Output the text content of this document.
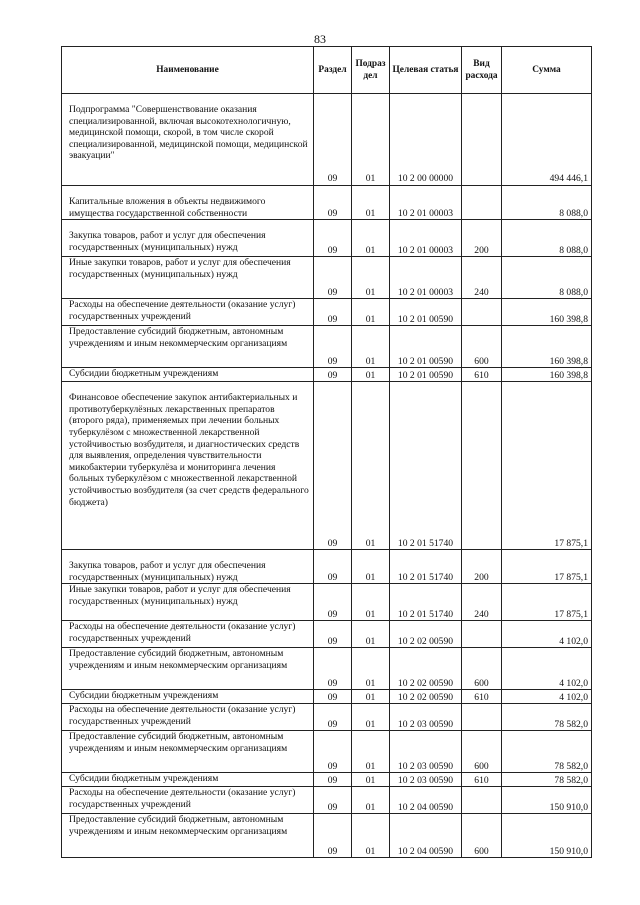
83
Наименование	Раздел	Подраз дел	Целевая статья	Вид расхода	Сумма

Подпрограмма "Совершенствование оказания специализированной, включая высокотехнологичную, медицинской помощи, скорой, в том числе скорой специализированной, медицинской помощи, медицинской эвакуации"	09	01	10 2 00 00000		494 446,1

Капитальные вложения в объекты недвижимого имущества государственной собственности	09	01	10 2 01 00003		8 088,0

Закупка товаров, работ и услуг для обеспечения государственных (муниципальных) нужд	09	01	10 2 01 00003	200	8 088,0

Иные закупки товаров, работ и услуг для обеспечения государственных (муниципальных) нужд	09	01	10 2 01 00003	240	8 088,0

Расходы на обеспечение деятельности (оказание услуг) государственных учреждений	09	01	10 2 01 00590		160 398,8

Предоставление субсидий бюджетным, автономным учреждениям и иным некоммерческим организациям	09	01	10 2 01 00590	600	160 398,8

Субсидии бюджетным учреждениям	09	01	10 2 01 00590	610	160 398,8

Финансовое обеспечение закупок антибактериальных и противотуберкулёзных лекарственных препаратов (второго ряда), применяемых при лечении больных туберкулёзом с множественной лекарственной устойчивостью возбудителя, и диагностических средств для выявления, определения чувствительности микобактерии туберкулёза и мониторинга лечения больных туберкулёзом с множественной лекарственной устойчивостью возбудителя (за счет средств федерального бюджета)	09	01	10 2 01 51740		17 875,1

Закупка товаров, работ и услуг для обеспечения государственных (муниципальных) нужд	09	01	10 2 01 51740	200	17 875,1

Иные закупки товаров, работ и услуг для обеспечения государственных (муниципальных) нужд	09	01	10 2 01 51740	240	17 875,1

Расходы на обеспечение деятельности (оказание услуг) государственных учреждений	09	01	10 2 02 00590		4 102,0

Предоставление субсидий бюджетным, автономным учреждениям и иным некоммерческим организациям	09	01	10 2 02 00590	600	4 102,0

Субсидии бюджетным учреждениям	09	01	10 2 02 00590	610	4 102,0

Расходы на обеспечение деятельности (оказание услуг) государственных учреждений	09	01	10 2 03 00590		78 582,0

Предоставление субсидий бюджетным, автономным учреждениям и иным некоммерческим организациям	09	01	10 2 03 00590	600	78 582,0

Субсидии бюджетным учреждениям	09	01	10 2 03 00590	610	78 582,0

Расходы на обеспечение деятельности (оказание услуг) государственных учреждений	09	01	10 2 04 00590		150 910,0

Предоставление субсидий бюджетным, автономным учреждениям и иным некоммерческим организациям	09	01	10 2 04 00590	600	150 910,0
